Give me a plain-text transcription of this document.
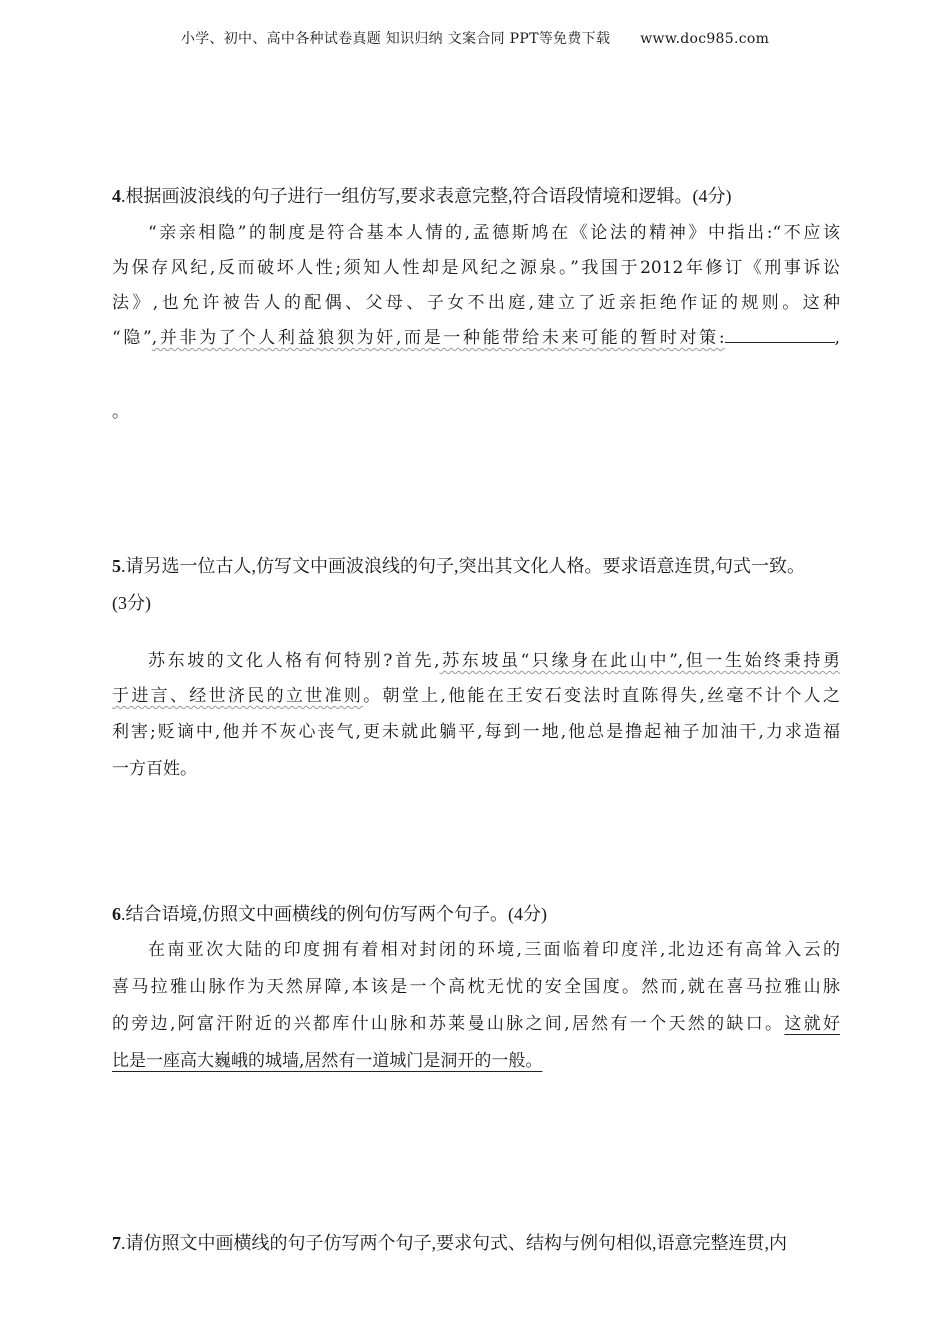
小学、初中、高中各种试卷真题 知识归纳 文案合同 PPT等免费下载 www.doc985.com
4.根据画波浪线的句子进行一组仿写,要求表意完整,符合语段情境和逻辑。(4分)
“亲亲相隐”的制度是符合基本人情的,孟德斯鸠在《论法的精神》中指出:“不应该
为保存风纪,反而破坏人性;须知人性却是风纪之源泉。”我国于2012年修订《刑事诉讼
法》,也允许被告人的配偶、父母、子女不出庭,建立了近亲拒绝作证的规则。这种
“隐”,并非为了个人利益狼狈为奸,而是一种能带给未来可能的暂时对策:	,
。
5.请另选一位古人,仿写文中画波浪线的句子,突出其文化人格。要求语意连贯,句式一致。
(3分)
苏东坡的文化人格有何特别?首先,苏东坡虽“只缘身在此山中”,但一生始终秉持勇
于进言、经世济民的立世准则。朝堂上,他能在王安石变法时直陈得失,丝毫不计个人之
利害;贬谪中,他并不灰心丧气,更未就此躺平,每到一地,他总是撸起袖子加油干,力求造福
一方百姓。
6.结合语境,仿照文中画横线的例句仿写两个句子。(4分)
在南亚次大陆的印度拥有着相对封闭的环境,三面临着印度洋,北边还有高耸入云的
喜马拉雅山脉作为天然屏障,本该是一个高枕无忧的安全国度。然而,就在喜马拉雅山脉
的旁边,阿富汗附近的兴都库什山脉和苏莱曼山脉之间,居然有一个天然的缺口。这就好
比是一座高大巍峨的城墙,居然有一道城门是洞开的一般。
7.请仿照文中画横线的句子仿写两个句子,要求句式、结构与例句相似,语意完整连贯,内
